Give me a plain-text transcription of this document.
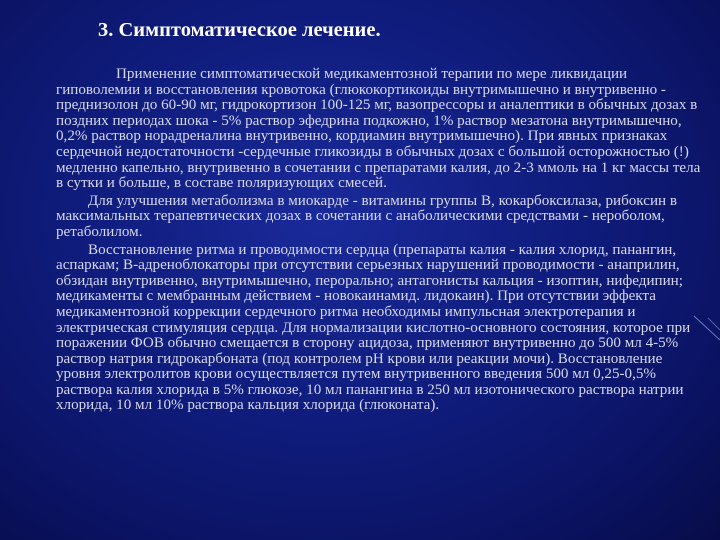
3. Симптоматическое лечение.

Применение симптоматической медикаментозной терапии по мере ликвидации гиповолемии и восстановления кровотока (глюкокортикоиды внутримышечно и внутривенно - преднизолон до 60-90 мг, гидрокортизон 100-125 мг, вазопрессоры и аналептики в обычных дозах в поздних периодах шока - 5% раствор эфедрина подкожно, 1% раствор мезатона внутримышечно, 0,2% раствор норадреналина внутривенно, кордиамин внутримышечно). При явных признаках сердечной недостаточности -сердечные гликозиды в обычных дозах с большой осторожностью (!) медленно капельно, внутривенно в сочетании с препаратами калия, до 2-3 ммоль на 1 кг массы тела в сутки и больше, в составе поляризующих смесей.

Для улучшения метаболизма в миокарде - витамины группы В, кокарбоксилаза, рибоксин в максимальных терапевтических дозах в сочетании с анаболическими средствами - нероболом, ретаболилом.

Восстановление ритма и проводимости сердца (препараты калия - калия хлорид, панангин, аспаркам; В-адреноблокаторы при отсутствии серьезных нарушений проводимости - анаприлин, обзидан внутривенно, внутримышечно, перорально; антагонисты кальция - изоптин, нифедипин; медикаменты с мембранным действием - новокаинамид. лидокаин). При отсутствии эффекта медикаментозной коррекции сердечного ритма необходимы импульсная электротерапия и электрическая стимуляция сердца. Для нормализации кислотно-основного состояния, которое при поражении ФОВ обычно смещается в сторону ацидоза, применяют внутривенно до 500 мл 4-5% раствор натрия гидрокарбоната (под контролем рН крови или реакции мочи). Восстановление уровня электролитов крови осуществляется путем внутривенного введения 500 мл 0,25-0,5% раствора калия хлорида в 5% глюкозе, 10 мл панангина в 250 мл изотонического раствора натрии хлорида, 10 мл 10% раствора кальция хлорида (глюконата).
